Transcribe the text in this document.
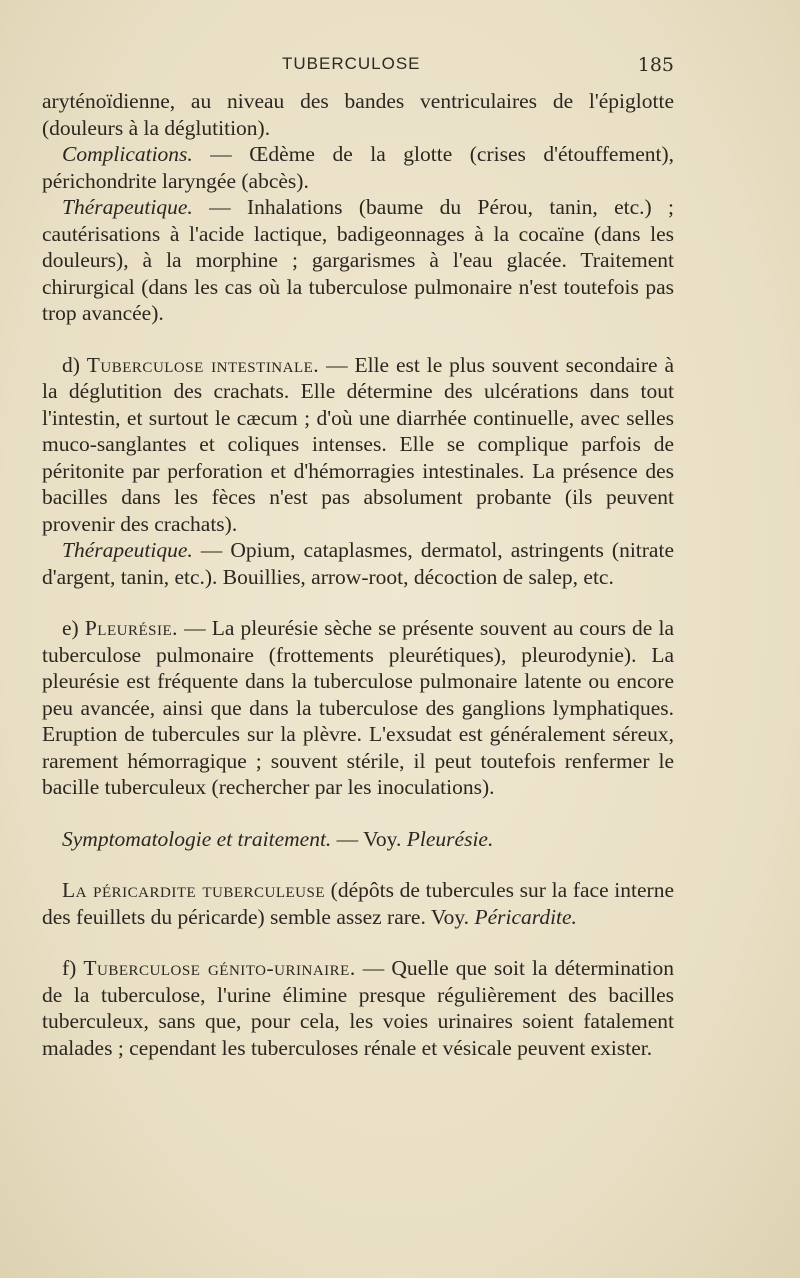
TUBERCULOSE	185

aryténoïdienne, au niveau des bandes ventriculaires de l'épiglotte (douleurs à la déglutition).

Complications. — Œdème de la glotte (crises d'étouffement), périchondrite laryngée (abcès).

Thérapeutique. — Inhalations (baume du Pérou, tanin, etc.) ; cautérisations à l'acide lactique, badigeonnages à la cocaïne (dans les douleurs), à la morphine ; gargarismes à l'eau glacée. Traitement chirurgical (dans les cas où la tuberculose pulmonaire n'est toutefois pas trop avancée).

d) Tuberculose intestinale. — Elle est le plus souvent secondaire à la déglutition des crachats. Elle détermine des ulcérations dans tout l'intestin, et surtout le cæcum ; d'où une diarrhée continuelle, avec selles muco-sanglantes et coliques intenses. Elle se complique parfois de péritonite par perforation et d'hémorragies intestinales. La présence des bacilles dans les fèces n'est pas absolument probante (ils peuvent provenir des crachats).

Thérapeutique. — Opium, cataplasmes, dermatol, astringents (nitrate d'argent, tanin, etc.). Bouillies, arrow-root, décoction de salep, etc.

e) Pleurésie. — La pleurésie sèche se présente souvent au cours de la tuberculose pulmonaire (frottements pleurétiques), pleurodynie). La pleurésie est fréquente dans la tuberculose pulmonaire latente ou encore peu avancée, ainsi que dans la tuberculose des ganglions lymphatiques. Eruption de tubercules sur la plèvre. L'exsudat est généralement séreux, rarement hémorragique ; souvent stérile, il peut toutefois renfermer le bacille tuberculeux (rechercher par les inoculations).

Symptomatologie et traitement. — Voy. Pleurésie.

La péricardite tuberculeuse (dépôts de tubercules sur la face interne des feuillets du péricarde) semble assez rare. Voy. Péricardite.

f) Tuberculose génito-urinaire. — Quelle que soit la détermination de la tuberculose, l'urine élimine presque régulièrement des bacilles tuberculeux, sans que, pour cela, les voies urinaires soient fatalement malades ; cependant les tuberculoses rénale et vésicale peuvent exister.
